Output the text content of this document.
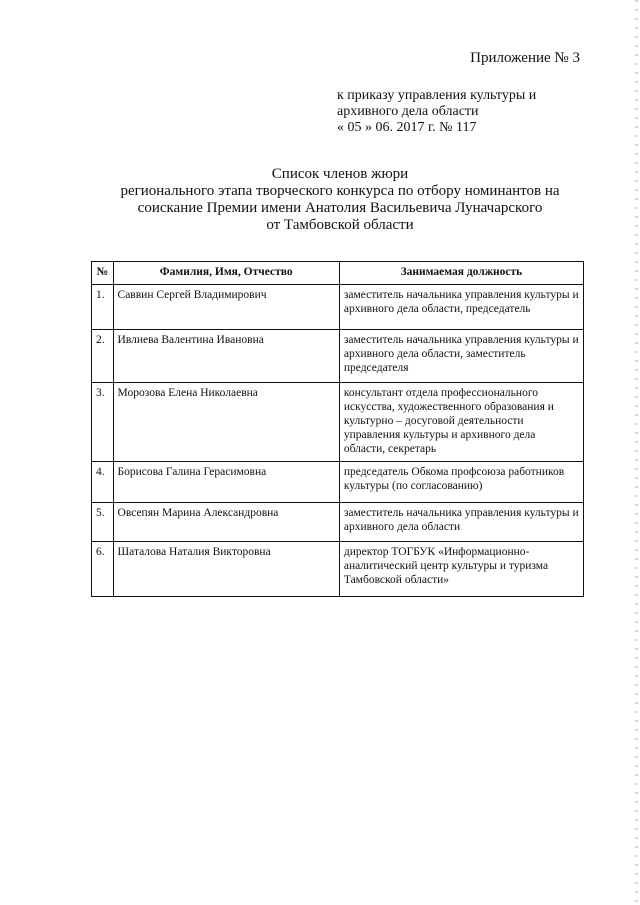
Приложение № 3
к приказу управления культуры и
архивного дела области
« 05 » 06. 2017 г. № 117
Список членов жюри
регионального этапа творческого конкурса по отбору номинантов на
соискание Премии имени Анатолия Васильевича Луначарского
от Тамбовской области
№	Фамилия, Имя, Отчество	Занимаемая должность
1.	Саввин Сергей Владимирович	заместитель начальника управления культуры и архивного дела области, председатель
2.	Ивлиева Валентина Ивановна	заместитель начальника управления культуры и архивного дела области, заместитель председателя
3.	Морозова Елена Николаевна	консультант отдела профессионального искусства, художественного образования и культурно – досуговой деятельности управления культуры и архивного дела области, секретарь
4.	Борисова Галина Герасимовна	председатель Обкома профсоюза работников культуры (по согласованию)
5.	Овсепян Марина Александровна	заместитель начальника управления культуры и архивного дела области
6.	Шаталова Наталия Викторовна	директор ТОГБУК «Информационно-аналитический центр культуры и туризма Тамбовской области»
